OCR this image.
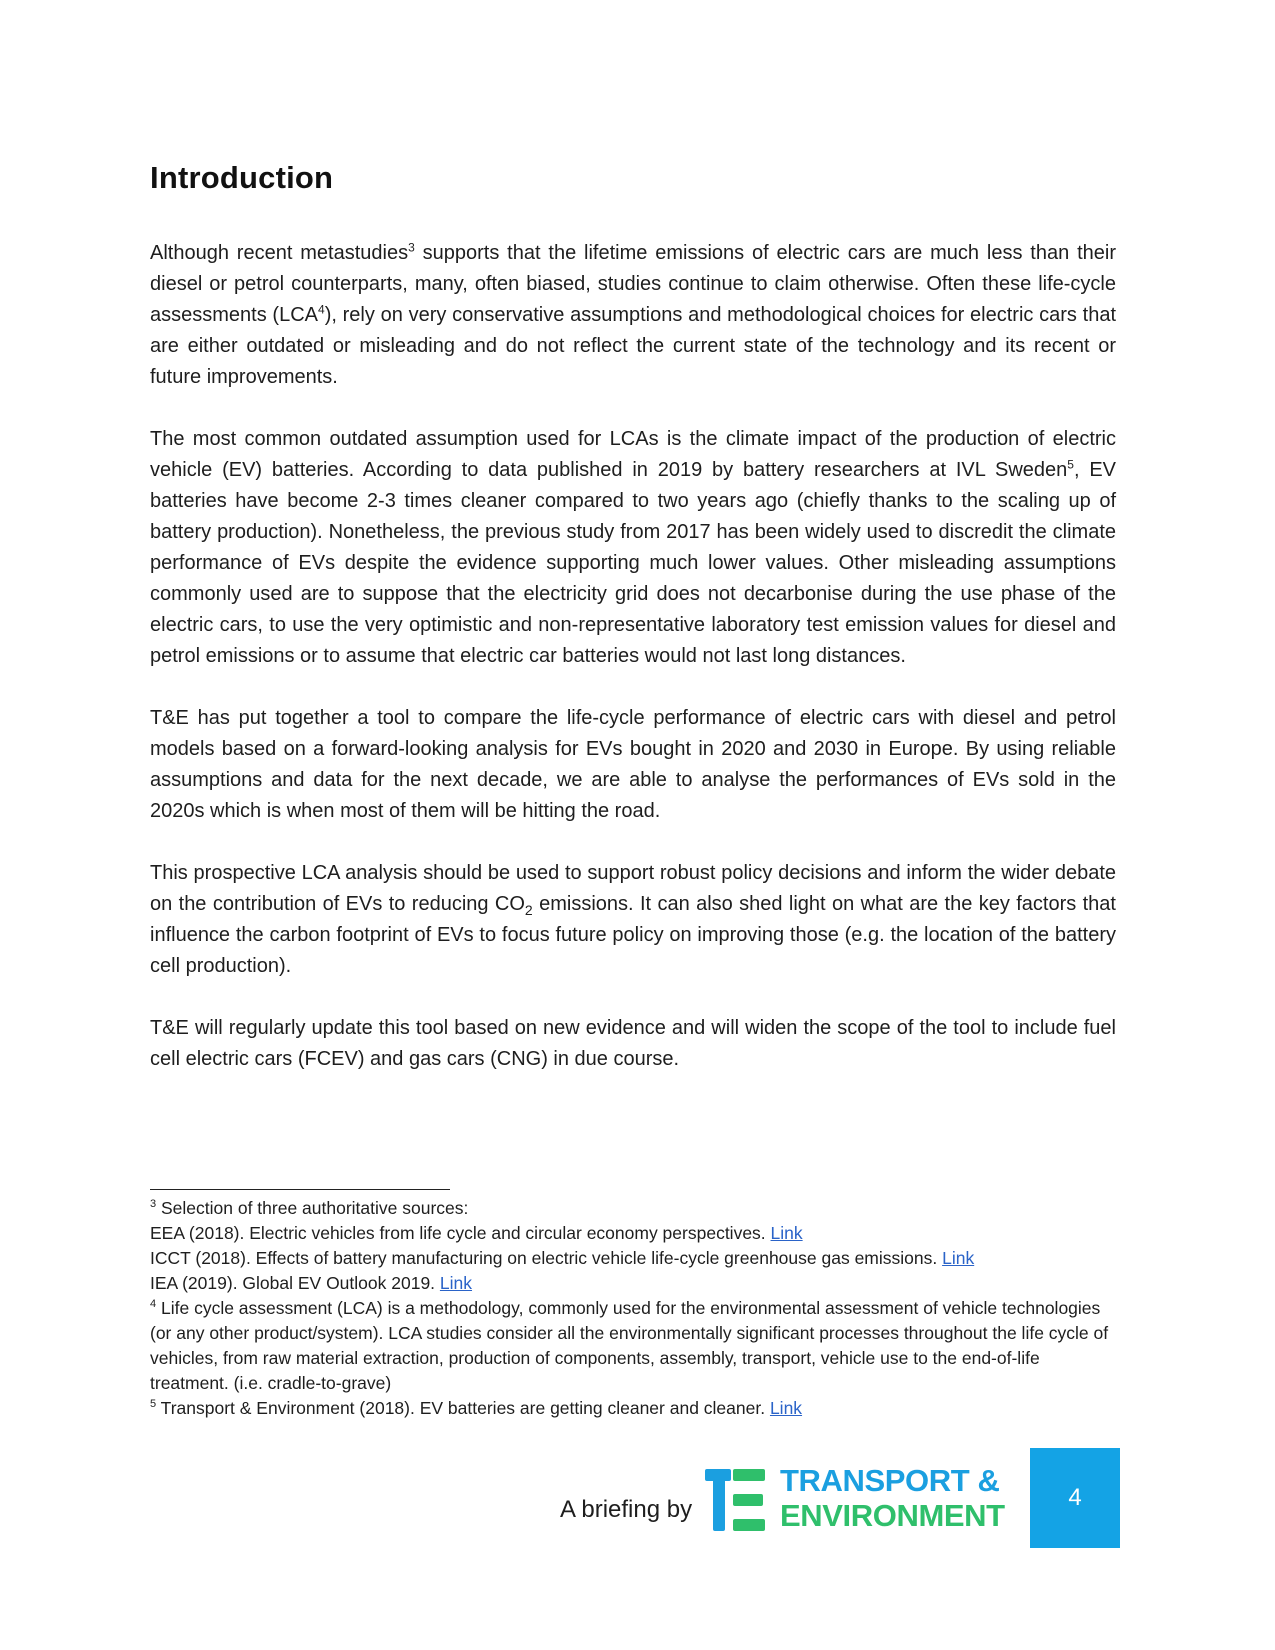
Introduction

Although recent metastudies$^3$ supports that the lifetime emissions of electric cars are much less than their diesel or petrol counterparts, many, often biased, studies continue to claim otherwise. Often these life-cycle assessments (LCA$^4$), rely on very conservative assumptions and methodological choices for electric cars that are either outdated or misleading and do not reflect the current state of the technology and its recent or future improvements.

The most common outdated assumption used for LCAs is the climate impact of the production of electric vehicle (EV) batteries. According to data published in 2019 by battery researchers at IVL Sweden$^5$, EV batteries have become 2-3 times cleaner compared to two years ago (chiefly thanks to the scaling up of battery production). Nonetheless, the previous study from 2017 has been widely used to discredit the climate performance of EVs despite the evidence supporting much lower values. Other misleading assumptions commonly used are to suppose that the electricity grid does not decarbonise during the use phase of the electric cars, to use the very optimistic and non-representative laboratory test emission values for diesel and petrol emissions or to assume that electric car batteries would not last long distances.

T&E has put together a tool to compare the life-cycle performance of electric cars with diesel and petrol models based on a forward-looking analysis for EVs bought in 2020 and 2030 in Europe. By using reliable assumptions and data for the next decade, we are able to analyse the performances of EVs sold in the 2020s which is when most of them will be hitting the road.

This prospective LCA analysis should be used to support robust policy decisions and inform the wider debate on the contribution of EVs to reducing $CO_2$ emissions. It can also shed light on what are the key factors that influence the carbon footprint of EVs to focus future policy on improving those (e.g. the location of the battery cell production).

T&E will regularly update this tool based on new evidence and will widen the scope of the tool to include fuel cell electric cars (FCEV) and gas cars (CNG) in due course.

$^3$ Selection of three authoritative sources:
EEA (2018). Electric vehicles from life cycle and circular economy perspectives. Link
ICCT (2018). Effects of battery manufacturing on electric vehicle life-cycle greenhouse gas emissions. Link
IEA (2019). Global EV Outlook 2019. Link
$^4$ Life cycle assessment (LCA) is a methodology, commonly used for the environmental assessment of vehicle technologies (or any other product/system). LCA studies consider all the environmentally significant processes throughout the life cycle of vehicles, from raw material extraction, production of components, assembly, transport, vehicle use to the end-of-life treatment. (i.e. cradle-to-grave)
$^5$ Transport & Environment (2018). EV batteries are getting cleaner and cleaner. Link
A briefing by
TRANSPORT &
ENVIRONMENT
4
